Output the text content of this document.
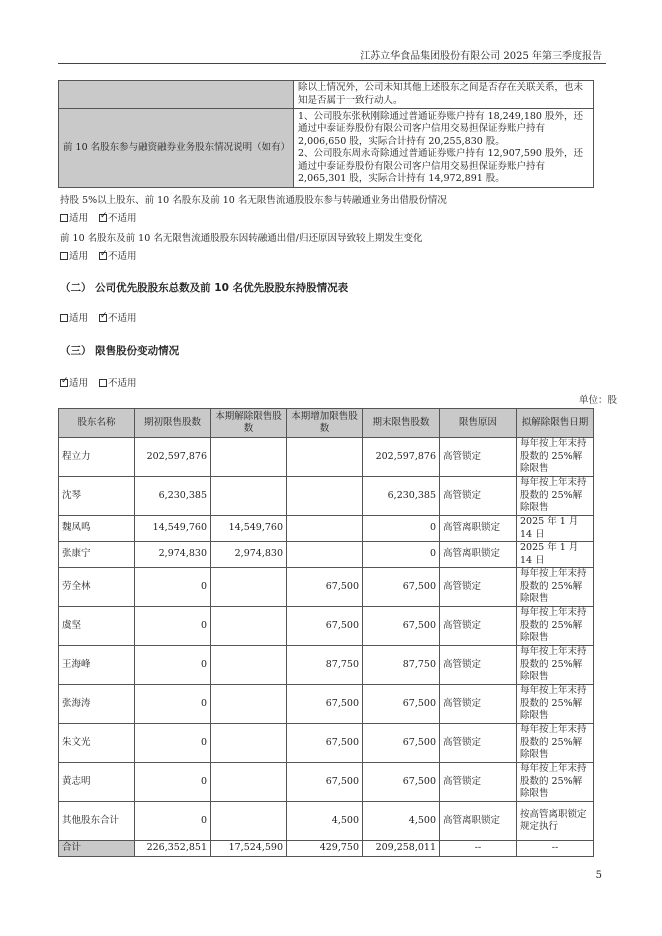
江苏立华食品集团股份有限公司 2025 年第三季度报告
	除以上情况外，公司未知其他上述股东之间是否存在关联关系，也未知是否属于一致行动人。
前 10 名股东参与融资融券业务股东情况说明（如有）	1、公司股东张秋刚除通过普通证券账户持有 18,249,180 股外，还通过中泰证券股份有限公司客户信用交易担保证券账户持有 2,006,650 股，实际合计持有 20,255,830 股。
2、公司股东周永奇除通过普通证券账户持有 12,907,590 股外，还通过中泰证券股份有限公司客户信用交易担保证券账户持有 2,065,301 股，实际合计持有 14,972,891 股。
持股 5%以上股东、前 10 名股东及前 10 名无限售流通股股东参与转融通业务出借股份情况
适用 ✓ 不适用
前 10 名股东及前 10 名无限售流通股股东因转融通出借/归还原因导致较上期发生变化
适用 ✓ 不适用
（二） 公司优先股股东总数及前 10 名优先股股东持股情况表
适用 ✓ 不适用
（三） 限售股份变动情况
✓适用 不适用
单位：股
股东名称	期初限售股数	本期解除限售股数	本期增加限售股数	期末限售股数	限售原因	拟解除限售日期
程立力	202,597,876			202,597,876	高管锁定	每年按上年末持股数的 25%解除限售
沈琴	6,230,385			6,230,385	高管锁定	每年按上年末持股数的 25%解除限售
魏凤鸣	14,549,760	14,549,760		0	高管离职锁定	2025 年 1 月 14 日
张康宁	2,974,830	2,974,830		0	高管离职锁定	2025 年 1 月 14 日
劳全林	0		67,500	67,500	高管锁定	每年按上年末持股数的 25%解除限售
虞坚	0		67,500	67,500	高管锁定	每年按上年末持股数的 25%解除限售
王海峰	0		87,750	87,750	高管锁定	每年按上年末持股数的 25%解除限售
张海涛	0		67,500	67,500	高管锁定	每年按上年末持股数的 25%解除限售
朱文光	0		67,500	67,500	高管锁定	每年按上年末持股数的 25%解除限售
黄志明	0		67,500	67,500	高管锁定	每年按上年末持股数的 25%解除限售
其他股东合计	0		4,500	4,500	高管离职锁定	按高管离职锁定规定执行
合计	226,352,851	17,524,590	429,750	209,258,011	--	--
5
